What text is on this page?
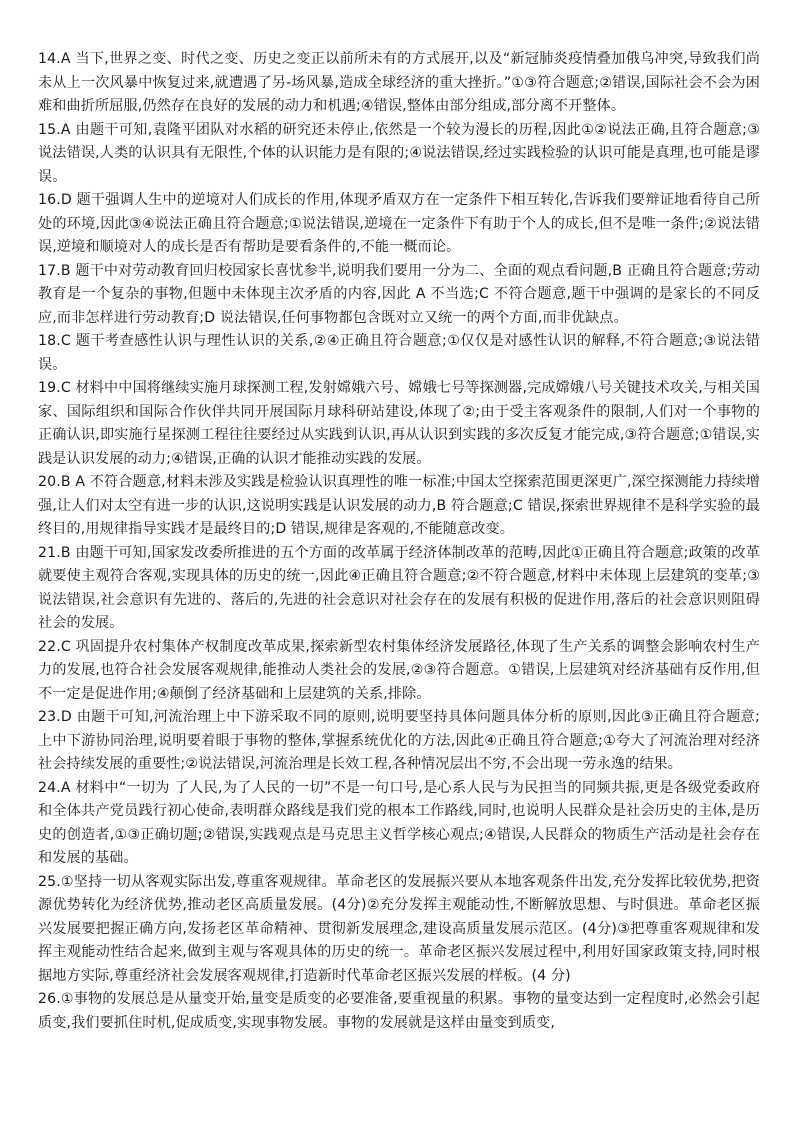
14.A 当下,世界之变、时代之变、历史之变正以前所未有的方式展开,以及“新冠肺炎疫情叠加俄乌冲突,导致我们尚未从上一次风暴中恢复过来,就遭遇了另-场风暴,造成全球经济的重大挫折。”①③符合题意;②错误,国际社会不会为困难和曲折所屈服,仍然存在良好的发展的动力和机遇;④错误,整体由部分组成,部分离不开整体。

15.A 由题干可知,袁隆平团队对水稻的研究还未停止,依然是一个较为漫长的历程,因此①②说法正确,且符合题意;③说法错误,人类的认识具有无限性,个体的认识能力是有限的;④说法错误,经过实践检验的认识可能是真理,也可能是谬误。

16.D 题干强调人生中的逆境对人们成长的作用,体现矛盾双方在一定条件下相互转化,告诉我们要辩证地看待自己所处的环境,因此③④说法正确且符合题意;①说法错误,逆境在一定条件下有助于个人的成长,但不是唯一条件;②说法错误,逆境和顺境对人的成长是否有帮助是要看条件的,不能一概而论。

17.B 题干中对劳动教育回归校园家长喜忧参半,说明我们要用一分为二、全面的观点看问题,B 正确且符合题意;劳动教育是一个复杂的事物,但题中未体现主次矛盾的内容,因此 A 不当选;C 不符合题意,题干中强调的是家长的不同反应,而非怎样进行劳动教育;D 说法错误,任何事物都包含既对立又统一的两个方面,而非优缺点。

18.C 题干考查感性认识与理性认识的关系,②④正确且符合题意;①仅仅是对感性认识的解释,不符合题意;③说法错误。

19.C 材料中中国将继续实施月球探测工程,发射嫦娥六号、嫦娥七号等探测器,完成嫦娥八号关键技术攻关,与相关国家、国际组织和国际合作伙伴共同开展国际月球科研站建设,体现了②;由于受主客观条件的限制,人们对一个事物的正确认识,即实施行星探测工程往往要经过从实践到认识,再从认识到实践的多次反复才能完成,③符合题意;①错误,实践是认识发展的动力;④错误,正确的认识才能推动实践的发展。

20.B A 不符合题意,材料未涉及实践是检验认识真理性的唯一标准;中国太空探索范围更深更广,深空探测能力持续增强,让人们对太空有进一步的认识,这说明实践是认识发展的动力,B 符合题意;C 错误,探索世界规律不是科学实验的最终目的,用规律指导实践才是最终目的;D 错误,规律是客观的,不能随意改变。

21.B 由题干可知,国家发改委所推进的五个方面的改革属于经济体制改革的范畴,因此①正确且符合题意;政策的改革就要使主观符合客观,实现具体的历史的统一,因此④正确且符合题意;②不符合题意,材料中未体现上层建筑的变革;③说法错误,社会意识有先进的、落后的,先进的社会意识对社会存在的发展有积极的促进作用,落后的社会意识则阻碍社会的发展。

22.C 巩固提升农村集体产权制度改革成果,探索新型农村集体经济发展路径,体现了生产关系的调整会影响农村生产力的发展,也符合社会发展客观规律,能推动人类社会的发展,②③符合题意。①错误,上层建筑对经济基础有反作用,但不一定是促进作用;④颠倒了经济基础和上层建筑的关系,排除。

23.D 由题干可知,河流治理上中下游采取不同的原则,说明要坚持具体问题具体分析的原则,因此③正确且符合题意;上中下游协同治理,说明要着眼于事物的整体,掌握系统优化的方法,因此④正确且符合题意;①夸大了河流治理对经济社会持续发展的重要性;②说法错误,河流治理是长效工程,各种情况层出不穷,不会出现一劳永逸的结果。

24.A 材料中“一切为 了人民,为了人民的一切”不是一句口号,是心系人民与为民担当的同频共振,更是各级党委政府和全体共产党员践行初心使命,表明群众路线是我们党的根本工作路线,同时,也说明人民群众是社会历史的主体,是历史的创造者,①③正确切题;②错误,实践观点是马克思主义哲学核心观点;④错误,人民群众的物质生产活动是社会存在和发展的基础。

25.①坚持一切从客观实际出发,尊重客观规律。革命老区的发展振兴要从本地客观条件出发,充分发挥比较优势,把资源优势转化为经济优势,推动老区高质量发展。(4分)②充分发挥主观能动性,不断解放思想、与时俱进。革命老区振兴发展要把握正确方向,发扬老区革命精神、贯彻新发展理念,建设高质量发展示范区。(4分)③把尊重客观规律和发挥主观能动性结合起来,做到主观与客观具体的历史的统一。革命老区振兴发展过程中,利用好国家政策支持,同时根据地方实际,尊重经济社会发展客观规律,打造新时代革命老区振兴发展的样板。(4 分)

26.①事物的发展总是从量变开始,量变是质变的必要准备,要重视量的积累。事物的量变达到一定程度时,必然会引起质变,我们要抓住时机,促成质变,实现事物发展。事物的发展就是这样由量变到质变,
